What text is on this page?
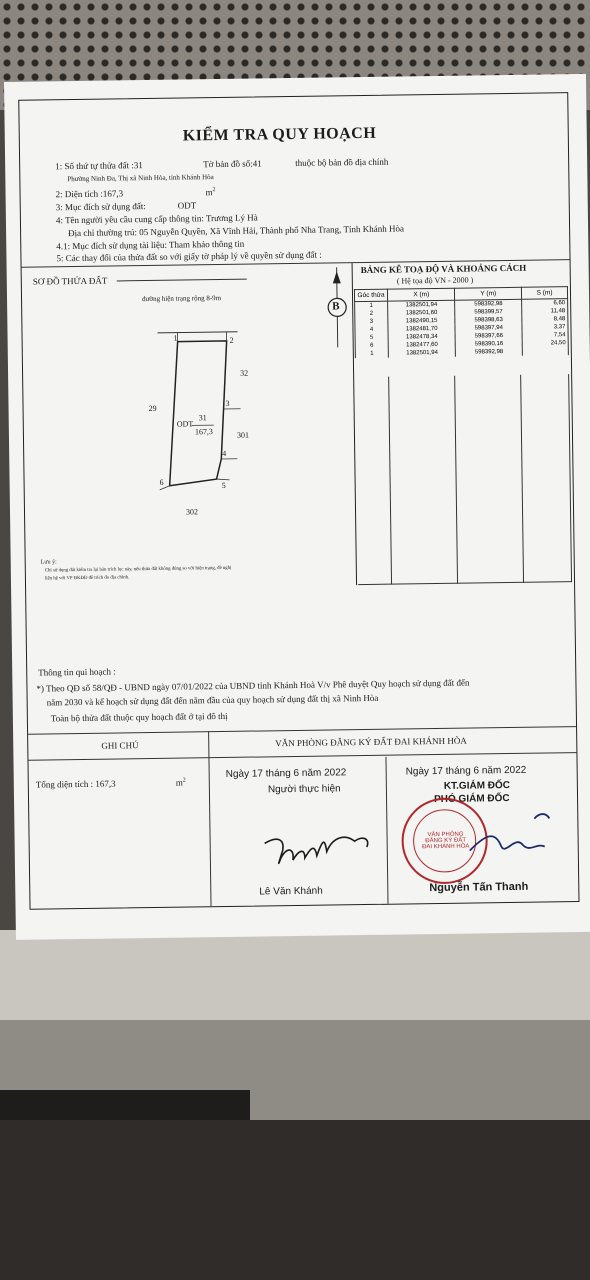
KIỂM TRA QUY HOẠCH
1: Số thứ tự thửa đất :31	Tờ bản đồ số:41	thuộc bộ bản đồ địa chính
Phường Ninh Đa, Thị xã Ninh Hòa, tỉnh Khánh Hòa
2: Diện tích :167,3	$m^2$
3: Mục đích sử dụng đất:	ODT
4: Tên người yêu cầu cung cấp thông tin: Trương Lý Hà
Địa chỉ thường trú: 05 Nguyễn Quyền, Xã Vĩnh Hải, Thành phố Nha Trang, Tỉnh Khánh Hòa
4.1: Mục đích sử dụng tài liệu: Tham khảo thông tin
5: Các thay đổi của thửa đất so với giấy tờ pháp lý về quyền sử dụng đất :
SƠ ĐỒ THỬA ĐẤT
đường hiện trạng rộng 8-9m
B
1	2
3
4
5
6
ODT
31
167,3
32
29
301
302
Lưu ý:
Chỉ sử dụng đất kiểm tra lại bản trích lục này, nếu thửa đất không đúng so với hiện trạng, đề nghị
liên hệ với VP ĐKĐĐ để trích đo địa chính.
BẢNG KÊ TOẠ ĐỘ VÀ KHOẢNG CÁCH
( Hệ tọa độ VN - 2000 )
Góc thửa	X (m)	Y (m)	S (m)
1	1382501,94	598392,98	6,60
2	1382501,60	598399,57	11,48
3	1382490,15	598398,63	8,48
4	1382481,70	598397,94	3,37
5	1382478,34	598397,66	7,54
6	1382477,60	598390,16	24,50
1	1382501,94	598392,98	
Thông tin qui hoạch :
*) Theo QĐ số 58/QĐ - UBND ngày 07/01/2022 của UBND tỉnh Khánh Hoà V/v Phê duyệt Quy hoạch sử dụng đất đến
năm 2030 và kế hoạch sử dụng đất đến năm đầu của quy hoạch sử dụng đất thị xã Ninh Hòa
Toàn bộ thửa đất thuộc quy hoạch đất ở tại đô thị
GHI CHÚ	VĂN PHÒNG ĐĂNG KÝ ĐẤT ĐAI KHÁNH HÒA
Tổng diện tích : 167,3	$m^2$
Ngày 17 tháng 6 năm 2022	Ngày 17 tháng 6 năm 2022
Người thực hiện	KT.GIÁM ĐỐC
PHÓ GIÁM ĐỐC
VĂN PHÒNG ĐĂNG KÝ ĐẤT ĐAI KHÁNH HÒA
Lê Văn Khánh	Nguyễn Tấn Thanh
